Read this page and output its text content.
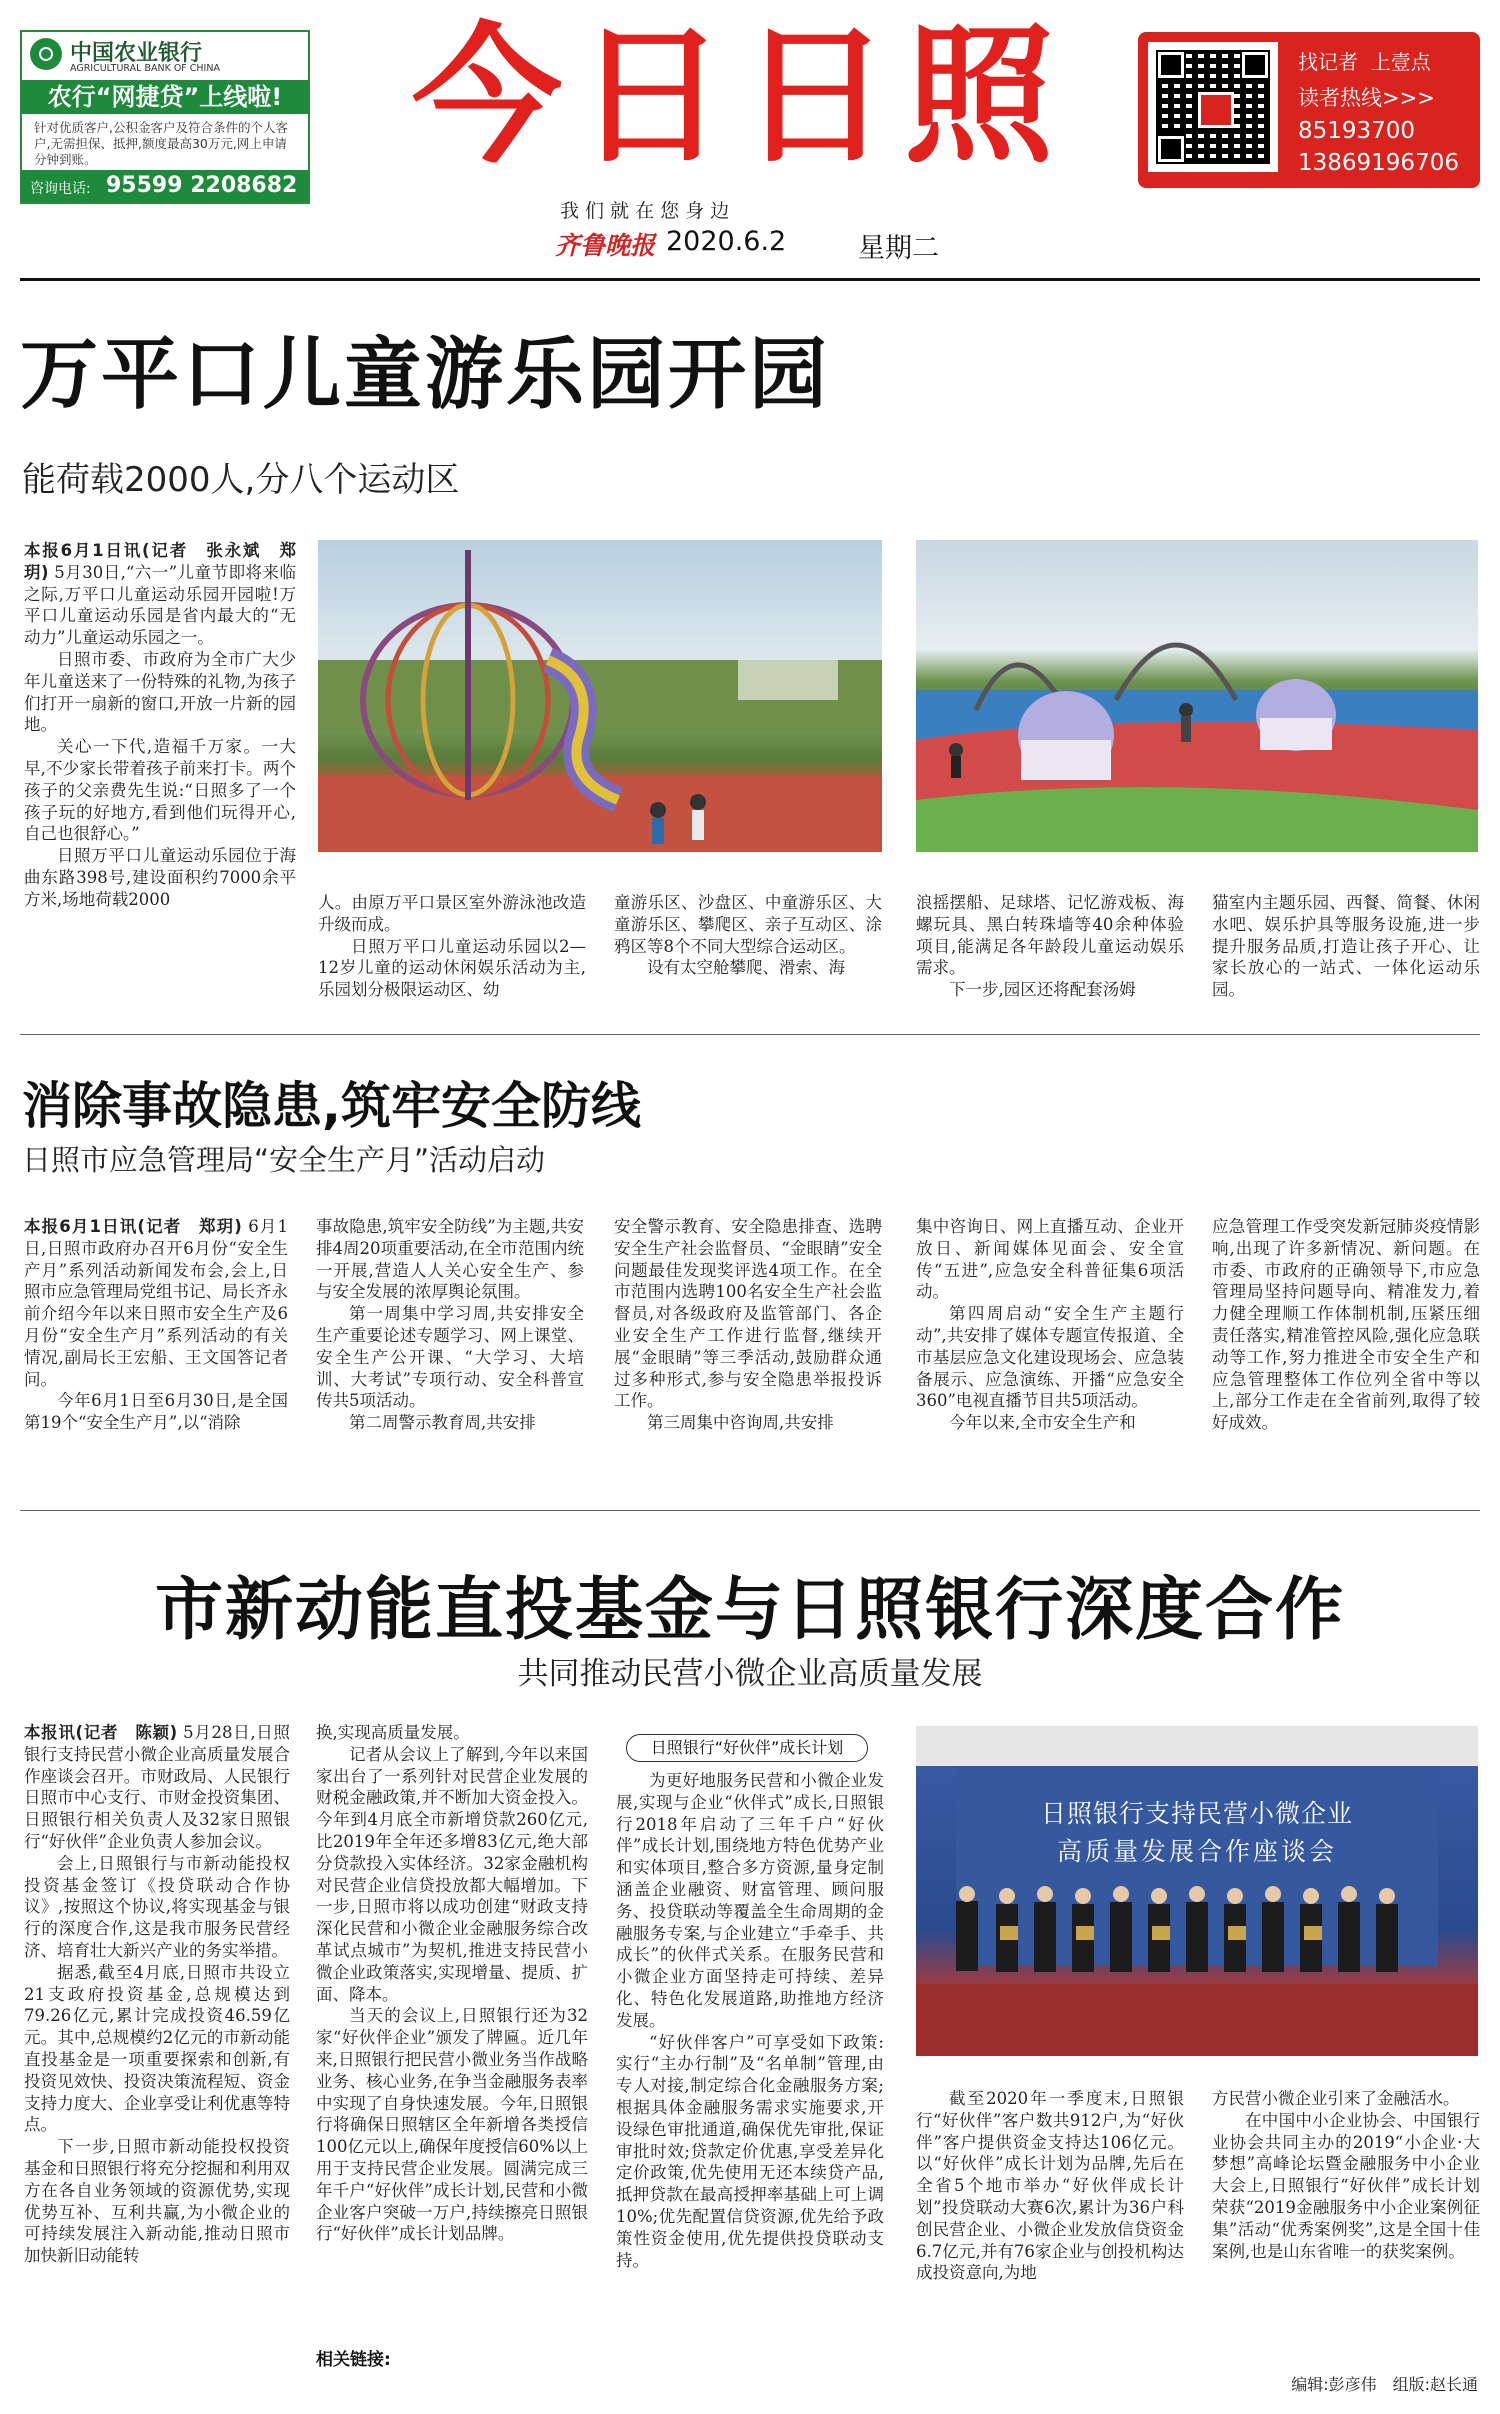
中国农业银行
AGRICULTURAL BANK OF CHINA
农行“网捷贷”上线啦!
针对优质客户,公积金客户及符合条件的个人客户,无需担保、抵押,额度最高30万元,网上申请分钟到账。
咨询电话: 95599 2208682
今日日照
我 们 就 在 您 身 边
齐鲁晚报 2020.6.2	星期二
找记者  上壹点
读者热线>>>
85193700
13869196706
万平口儿童游乐园开园
能荷载2000人,分八个运动区

本报6月1日讯(记者　张永斌　郑玥) 5月30日,“六一”儿童节即将来临之际,万平口儿童运动乐园开园啦!万平口儿童运动乐园是省内最大的“无动力”儿童运动乐园之一。

日照市委、市政府为全市广大少年儿童送来了一份特殊的礼物,为孩子们打开一扇新的窗口,开放一片新的园地。

关心一下代,造福千万家。一大早,不少家长带着孩子前来打卡。两个孩子的父亲费先生说:“日照多了一个孩子玩的好地方,看到他们玩得开心,自己也很舒心。”

日照万平口儿童运动乐园位于海曲东路398号,建设面积约7000余平方米,场地荷载2000	人。由原万平口景区室外游泳池改造升级而成。

日照万平口儿童运动乐园以2—12岁儿童的运动休闲娱乐活动为主,乐园划分极限运动区、幼

童游乐区、沙盘区、中童游乐区、大童游乐区、攀爬区、亲子互动区、涂鸦区等8个不同大型综合运动区。

设有太空舱攀爬、滑索、海

浪摇摆船、足球塔、记忆游戏板、海螺玩具、黑白转珠墙等40余种体验项目,能满足各年龄段儿童运动娱乐需求。

下一步,园区还将配套汤姆

猫室内主题乐园、西餐、简餐、休闲水吧、娱乐护具等服务设施,进一步提升服务品质,打造让孩子开心、让家长放心的一站式、一体化运动乐园。

消除事故隐患,筑牢安全防线
日照市应急管理局“安全生产月”活动启动

本报6月1日讯(记者　郑玥) 6月1日,日照市政府办召开6月份“安全生产月”系列活动新闻发布会,会上,日照市应急管理局党组书记、局长齐永前介绍今年以来日照市安全生产及6月份“安全生产月”系列活动的有关情况,副局长王宏船、王文国答记者问。

今年6月1日至6月30日,是全国第19个“安全生产月”,以“消除

事故隐患,筑牢安全防线”为主题,共安排4周20项重要活动,在全市范围内统一开展,营造人人关心安全生产、参与安全发展的浓厚舆论氛围。

第一周集中学习周,共安排安全生产重要论述专题学习、网上课堂、安全生产公开课、“大学习、大培训、大考试”专项行动、安全科普宣传共5项活动。

第二周警示教育周,共安排

安全警示教育、安全隐患排查、选聘安全生产社会监督员、“金眼睛”安全问题最佳发现奖评选4项工作。在全市范围内选聘100名安全生产社会监督员,对各级政府及监管部门、各企业安全生产工作进行监督,继续开展“金眼睛”等三季活动,鼓励群众通过多种形式,参与安全隐患举报投诉工作。

第三周集中咨询周,共安排

集中咨询日、网上直播互动、企业开放日、新闻媒体见面会、安全宣传“五进”,应急安全科普征集6项活动。

第四周启动“安全生产主题行动”,共安排了媒体专题宣传报道、全市基层应急文化建设现场会、应急装备展示、应急演练、开播“应急安全360”电视直播节目共5项活动。

今年以来,全市安全生产和

应急管理工作受突发新冠肺炎疫情影响,出现了许多新情况、新问题。在市委、市政府的正确领导下,市应急管理局坚持问题导向、精准发力,着力健全理顺工作体制机制,压紧压细责任落实,精准管控风险,强化应急联动等工作,努力推进全市安全生产和应急管理整体工作位列全省中等以上,部分工作走在全省前列,取得了较好成效。

市新动能直投基金与日照银行深度合作
共同推动民营小微企业高质量发展

本报讯(记者　陈颖) 5月28日,日照银行支持民营小微企业高质量发展合作座谈会召开。市财政局、人民银行日照市中心支行、市财金投资集团、日照银行相关负责人及32家日照银行“好伙伴”企业负责人参加会议。

会上,日照银行与市新动能投权投资基金签订《投贷联动合作协议》,按照这个协议,将实现基金与银行的深度合作,这是我市服务民营经济、培育壮大新兴产业的务实举措。

据悉,截至4月底,日照市共设立21支政府投资基金,总规模达到79.26亿元,累计完成投资46.59亿元。其中,总规模约2亿元的市新动能直投基金是一项重要探索和创新,有投资见效快、投资决策流程短、资金支持力度大、企业享受让利优惠等特点。

下一步,日照市新动能投权投资基金和日照银行将充分挖掘和利用双方在各自业务领域的资源优势,实现优势互补、互利共赢,为小微企业的可持续发展注入新动能,推动日照市加快新旧动能转

换,实现高质量发展。

记者从会议上了解到,今年以来国家出台了一系列针对民营企业发展的财税金融政策,并不断加大资金投入。今年到4月底全市新增贷款260亿元,比2019年全年还多增83亿元,绝大部分贷款投入实体经济。32家金融机构对民营企业信贷投放都大幅增加。下一步,日照市将以成功创建“财政支持深化民营和小微企业金融服务综合改革试点城市”为契机,推进支持民营小微企业政策落实,实现增量、提质、扩面、降本。

当天的会议上,日照银行还为32家“好伙伴企业”颁发了牌匾。近几年来,日照银行把民营小微业务当作战略业务、核心业务,在争当金融服务表率中实现了自身快速发展。今年,日照银行将确保日照辖区全年新增各类授信100亿元以上,确保年度授信60%以上用于支持民营企业发展。圆满完成三年千户“好伙伴”成长计划,民营和小微企业客户突破一万户,持续擦亮日照银行“好伙伴”成长计划品牌。

相关链接:
日照银行“好伙伴”成长计划

为更好地服务民营和小微企业发展,实现与企业“伙伴式”成长,日照银行2018年启动了三年千户“好伙伴”成长计划,围绕地方特色优势产业和实体项目,整合多方资源,量身定制涵盖企业融资、财富管理、顾问服务、投贷联动等覆盖全生命周期的金融服务专案,与企业建立“手牵手、共成长”的伙伴式关系。在服务民营和小微企业方面坚持走可持续、差异化、特色化发展道路,助推地方经济发展。

“好伙伴客户”可享受如下政策:实行“主办行制”及“名单制”管理,由专人对接,制定综合化金融服务方案;根据具体金融服务需求实施要求,开设绿色审批通道,确保优先审批,保证审批时效;贷款定价优惠,享受差异化定价政策,优先使用无还本续贷产品,抵押贷款在最高授押率基础上可上调10%;优先配置信贷资源,优先给予政策性资金使用,优先提供投贷联动支持。

日照银行支持民营小微企业
高质量发展合作座谈会

截至2020年一季度末,日照银行“好伙伴”客户数共912户,为“好伙伴”客户提供资金支持达106亿元。以“好伙伴”成长计划为品牌,先后在全省5个地市举办“好伙伴成长计划”投贷联动大赛6次,累计为36户科创民营企业、小微企业发放信贷资金6.7亿元,并有76家企业与创投机构达成投资意向,为地

方民营小微企业引来了金融活水。

在中国中小企业协会、中国银行业协会共同主办的2019“小企业·大梦想”高峰论坛暨金融服务中小企业大会上,日照银行“好伙伴”成长计划荣获“2019金融服务中小企业案例征集”活动“优秀案例奖”,这是全国十佳案例,也是山东省唯一的获奖案例。

编辑:彭彦伟　组版:赵长通
